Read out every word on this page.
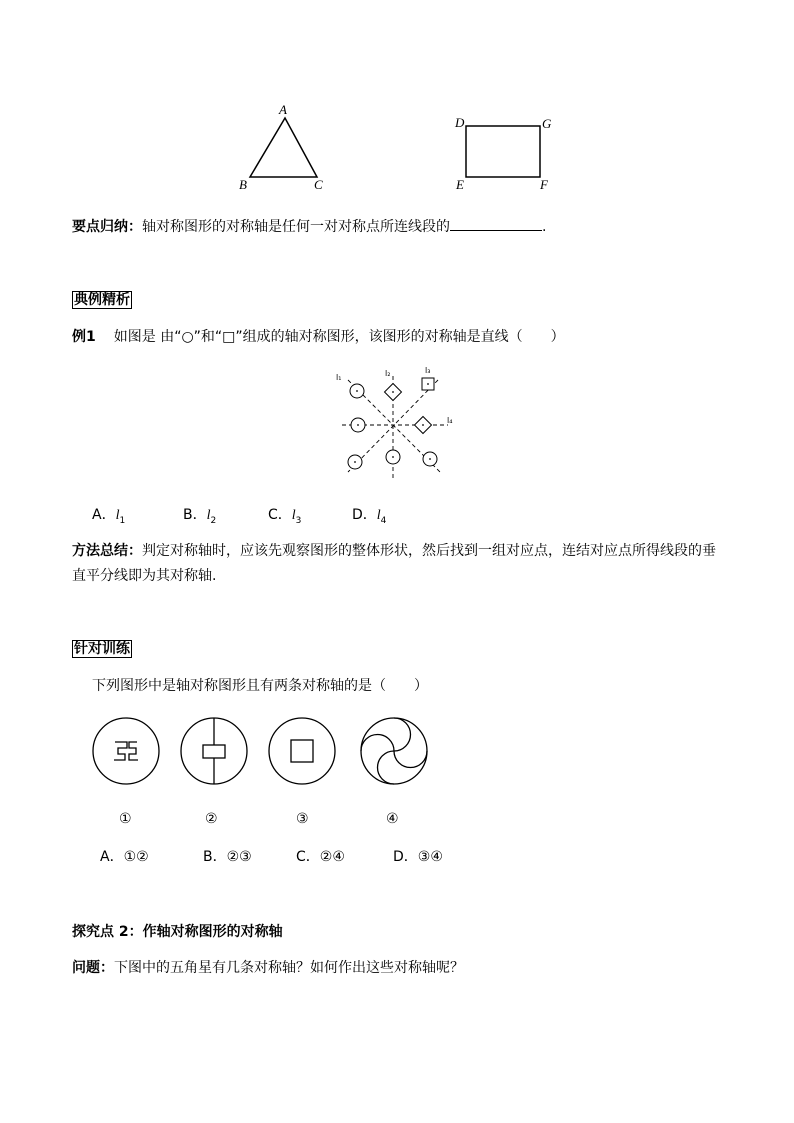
A
B	C
D	G
E	F
要点归纳：轴对称图形的对称轴是任何一对对称点所连线段的	.
典例精析
例1 如图是 由“○”和“□”组成的轴对称图形，该图形的对称轴是直线（　　）
l₁	l₂	l₃
l₄
A．$l_1$	B．$l_2$	C．$l_3$	D．$l_4$
方法总结：判定对称轴时，应该先观察图形的整体形状，然后找到一组对应点，连结对应点所得线段的垂
直平分线即为其对称轴.
针对训练
下列图形中是轴对称图形且有两条对称轴的是（　　）
①	②	③	④
A．①②	B．②③	C．②④	D．③④
探究点 2：作轴对称图形的对称轴
问题：下图中的五角星有几条对称轴？如何作出这些对称轴呢？
